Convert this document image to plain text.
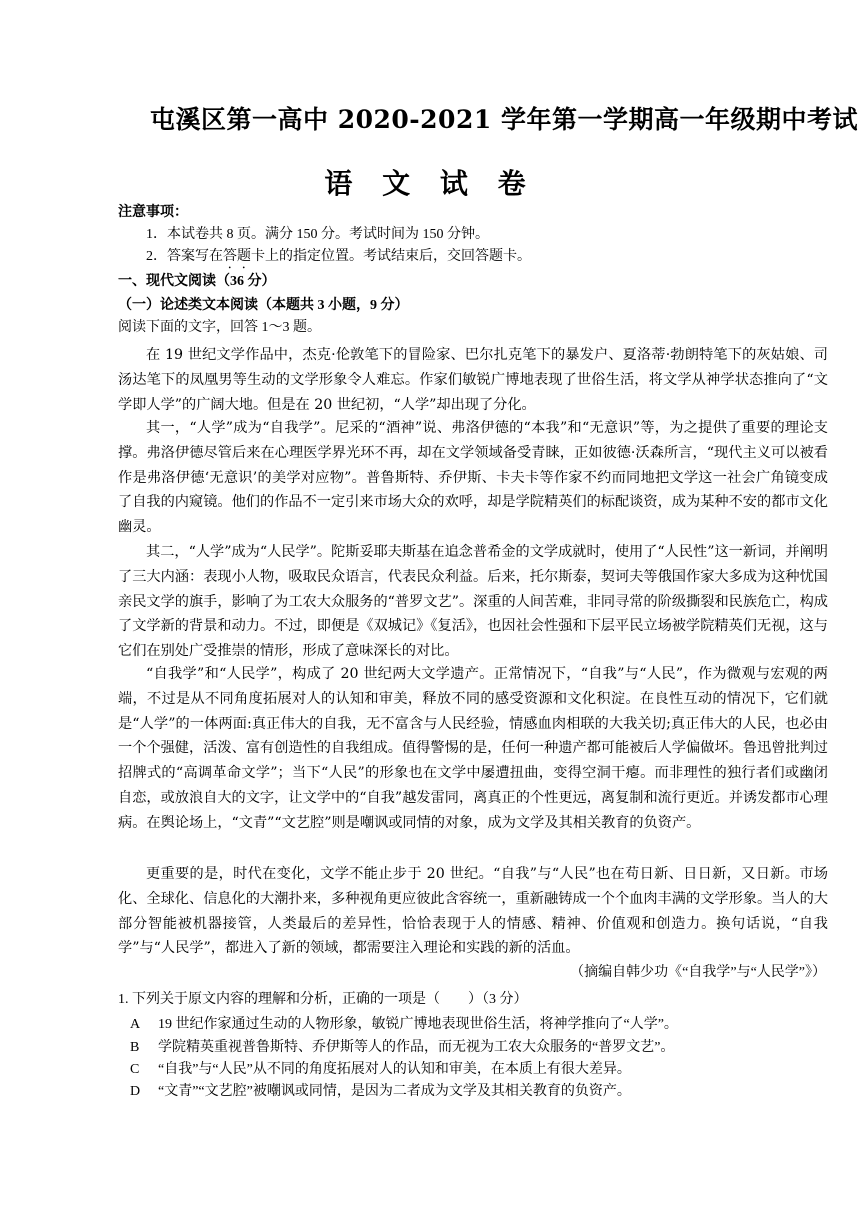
屯溪区第一高中 2020-2021 学年第一学期高一年级期中考试
语 文 试 卷
注意事项：
1．本试卷共 8 页。满分 150 分。考试时间为 150 分钟。
2．答案写在答题卡上的指定位置。考试结束后，交回答题卡。
一、现代文阅读（36 分）
（一）论述类文本阅读（本题共 3 小题，9 分）
阅读下面的文字，回答 1～3 题。
在 19 世纪文学作品中，杰克·伦敦笔下的冒险家、巴尔扎克笔下的暴发户、夏洛蒂·勃朗特笔下的灰姑娘、司汤达笔下的凤凰男等生动的文学形象令人难忘。作家们敏锐广博地表现了世俗生活，将文学从神学状态推向了“文学即人学”的广阔大地。但是在 20 世纪初，“人学”却出现了分化。
其一，“人学”成为“自我学”。尼采的“酒神”说、弗洛伊德的“本我”和“无意识”等，为之提供了重要的理论支撑。弗洛伊德尽管后来在心理医学界光环不再，却在文学领域备受青睐，正如彼德·沃森所言，“现代主义可以被看作是弗洛伊德‘无意识’的美学对应物”。普鲁斯特、乔伊斯、卡夫卡等作家不约而同地把文学这一社会广角镜变成了自我的内窥镜。他们的作品不一定引来市场大众的欢呼，却是学院精英们的标配谈资，成为某种不安的都市文化幽灵。
其二，“人学”成为“人民学”。陀斯妥耶夫斯基在追念普希金的文学成就时，使用了“人民性”这一新词，并阐明了三大内涵：表现小人物，吸取民众语言，代表民众利益。后来，托尔斯泰，契诃夫等俄国作家大多成为这种忧国亲民文学的旗手，影响了为工农大众服务的“普罗文艺”。深重的人间苦难，非同寻常的阶级撕裂和民族危亡，构成了文学新的背景和动力。不过，即便是《双城记》《复活》，也因社会性强和下层平民立场被学院精英们无视，这与它们在别处广受推崇的情形，形成了意味深长的对比。
“自我学”和“人民学”，构成了 20 世纪两大文学遗产。正常情况下，“自我”与“人民”，作为微观与宏观的两端，不过是从不同角度拓展对人的认知和审美，释放不同的感受资源和文化积淀。在良性互动的情况下，它们就是“人学”的一体两面:真正伟大的自我，无不富含与人民经验，情感血肉相联的大我关切;真正伟大的人民，也必由一个个强健，活泼、富有创造性的自我组成。值得警惕的是，任何一种遗产都可能被后人学偏做坏。鲁迅曾批判过招牌式的“高调革命文学”；当下“人民”的形象也在文学中屡遭扭曲，变得空洞干瘪。而非理性的独行者们或幽闭自恋，或放浪自大的文字，让文学中的“自我”越发雷同，离真正的个性更远，离复制和流行更近。并诱发都市心理病。在舆论场上，“文青”“文艺腔”则是嘲讽或同情的对象，成为文学及其相关教育的负资产。
更重要的是，时代在变化，文学不能止步于 20 世纪。“自我”与“人民”也在苟日新、日日新，又日新。市场化、全球化、信息化的大潮扑来，多种视角更应彼此含容统一，重新融铸成一个个血肉丰满的文学形象。当人的大部分智能被机器接管，人类最后的差异性，恰恰表现于人的情感、精神、价值观和创造力。换句话说，“自我学”与“人民学”，都进入了新的领域，都需要注入理论和实践的新的活血。
（摘编自韩少功《“自我学”与“人民学”》）
1. 下列关于原文内容的理解和分析，正确的一项是（　　）（3 分）
A 19 世纪作家通过生动的人物形象，敏锐广博地表现世俗生活，将神学推向了“人学”。
B 学院精英重视普鲁斯特、乔伊斯等人的作品，而无视为工农大众服务的“普罗文艺”。
C “自我”与“人民”从不同的角度拓展对人的认知和审美，在本质上有很大差异。
D “文青”“文艺腔”被嘲讽或同情，是因为二者成为文学及其相关教育的负资产。
